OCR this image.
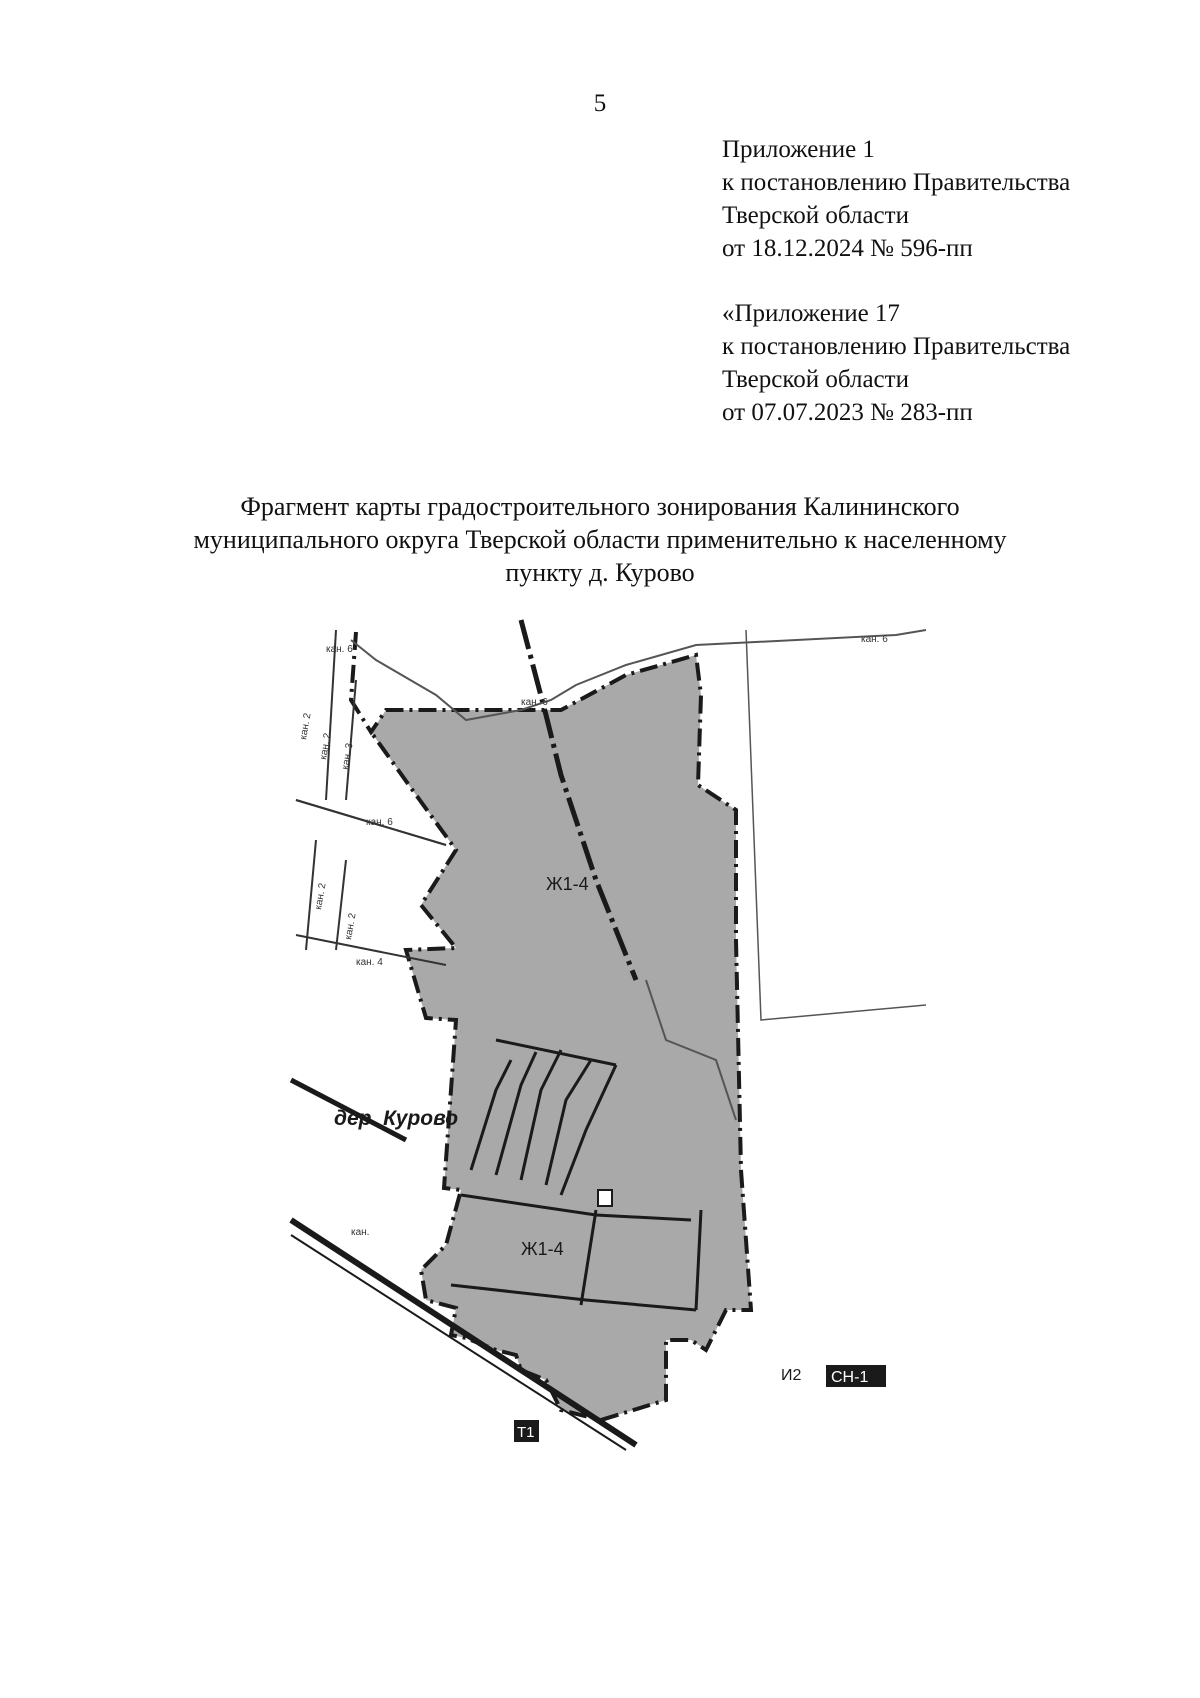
5
Приложение 1
к постановлению Правительства
Тверской области
от 18.12.2024 № 596-пп
«Приложение 17
к постановлению Правительства
Тверской области
от 07.07.2023 № 283-пп
Фрагмент карты градостроительного зонирования Калининского
муниципального округа Тверской области применительно к населенному
пункту д. Курово
Ж1-4
Ж1-4
дер. Курово
И2 СН-1
Т1
кан. 6
кан. 6
кан. 6
кан. 2
кан. 2 кан. 3
кан. 6
кан. 2
кан. 2
кан. 4
кан.
